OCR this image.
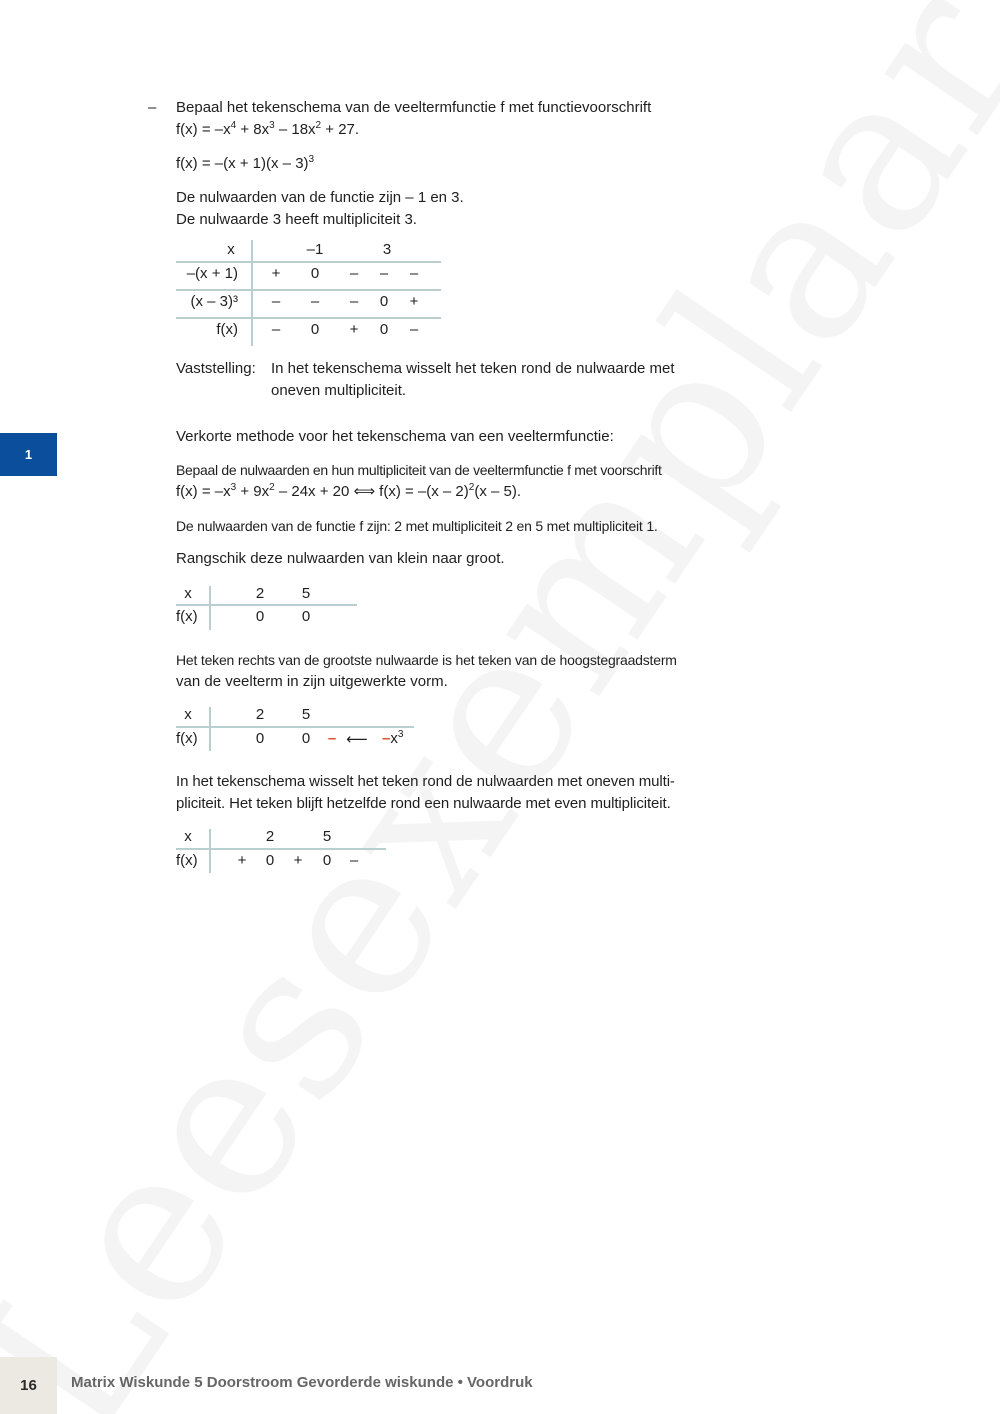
1
– Bepaal het tekenschema van de veeltermfunctie f met functievoorschrift
$f(x) = -x^4 + 8x^3 - 18x^2 + 27$.
f(x) = –(x + 1)(x – 3)$^3$
De nulwaarden van de functie zijn – 1 en 3.
De nulwaarde 3 heeft multipliciteit 3.
x	–1	3
–(x + 1)	+	0	–	–	–
(x – 3)³	–	–	–	0	+
f(x)	–	0	+	0	–
Vaststelling: In het tekenschema wisselt het teken rond de nulwaarde met
oneven multipliciteit.
Verkorte methode voor het tekenschema van een veeltermfunctie:
Bepaal de nulwaarden en hun multipliciteit van de veeltermfunctie f met voorschrift
$f(x) = -x^3 + 9x^2 - 24x + 20$ ⟺ f(x) = –(x – 2)$^2$(x – 5).
De nulwaarden van de functie f zijn: 2 met multipliciteit 2 en 5 met multipliciteit 1.
Rangschik deze nulwaarden van klein naar groot.
x	2	5
f(x)	0	0
Het teken rechts van de grootste nulwaarde is het teken van de hoogstegraadsterm
van de veelterm in zijn uitgewerkte vorm.
x	2	5
f(x)	0	0 – ⟵ $-x^3$
In het tekenschema wisselt het teken rond de nulwaarden met oneven multi-
pliciteit. Het teken blijft hetzelfde rond een nulwaarde met even multipliciteit.
x	2	5
f(x)	+ 0 + 0 –
16	Matrix Wiskunde 5 Doorstroom Gevorderde wiskunde • Voordruk
